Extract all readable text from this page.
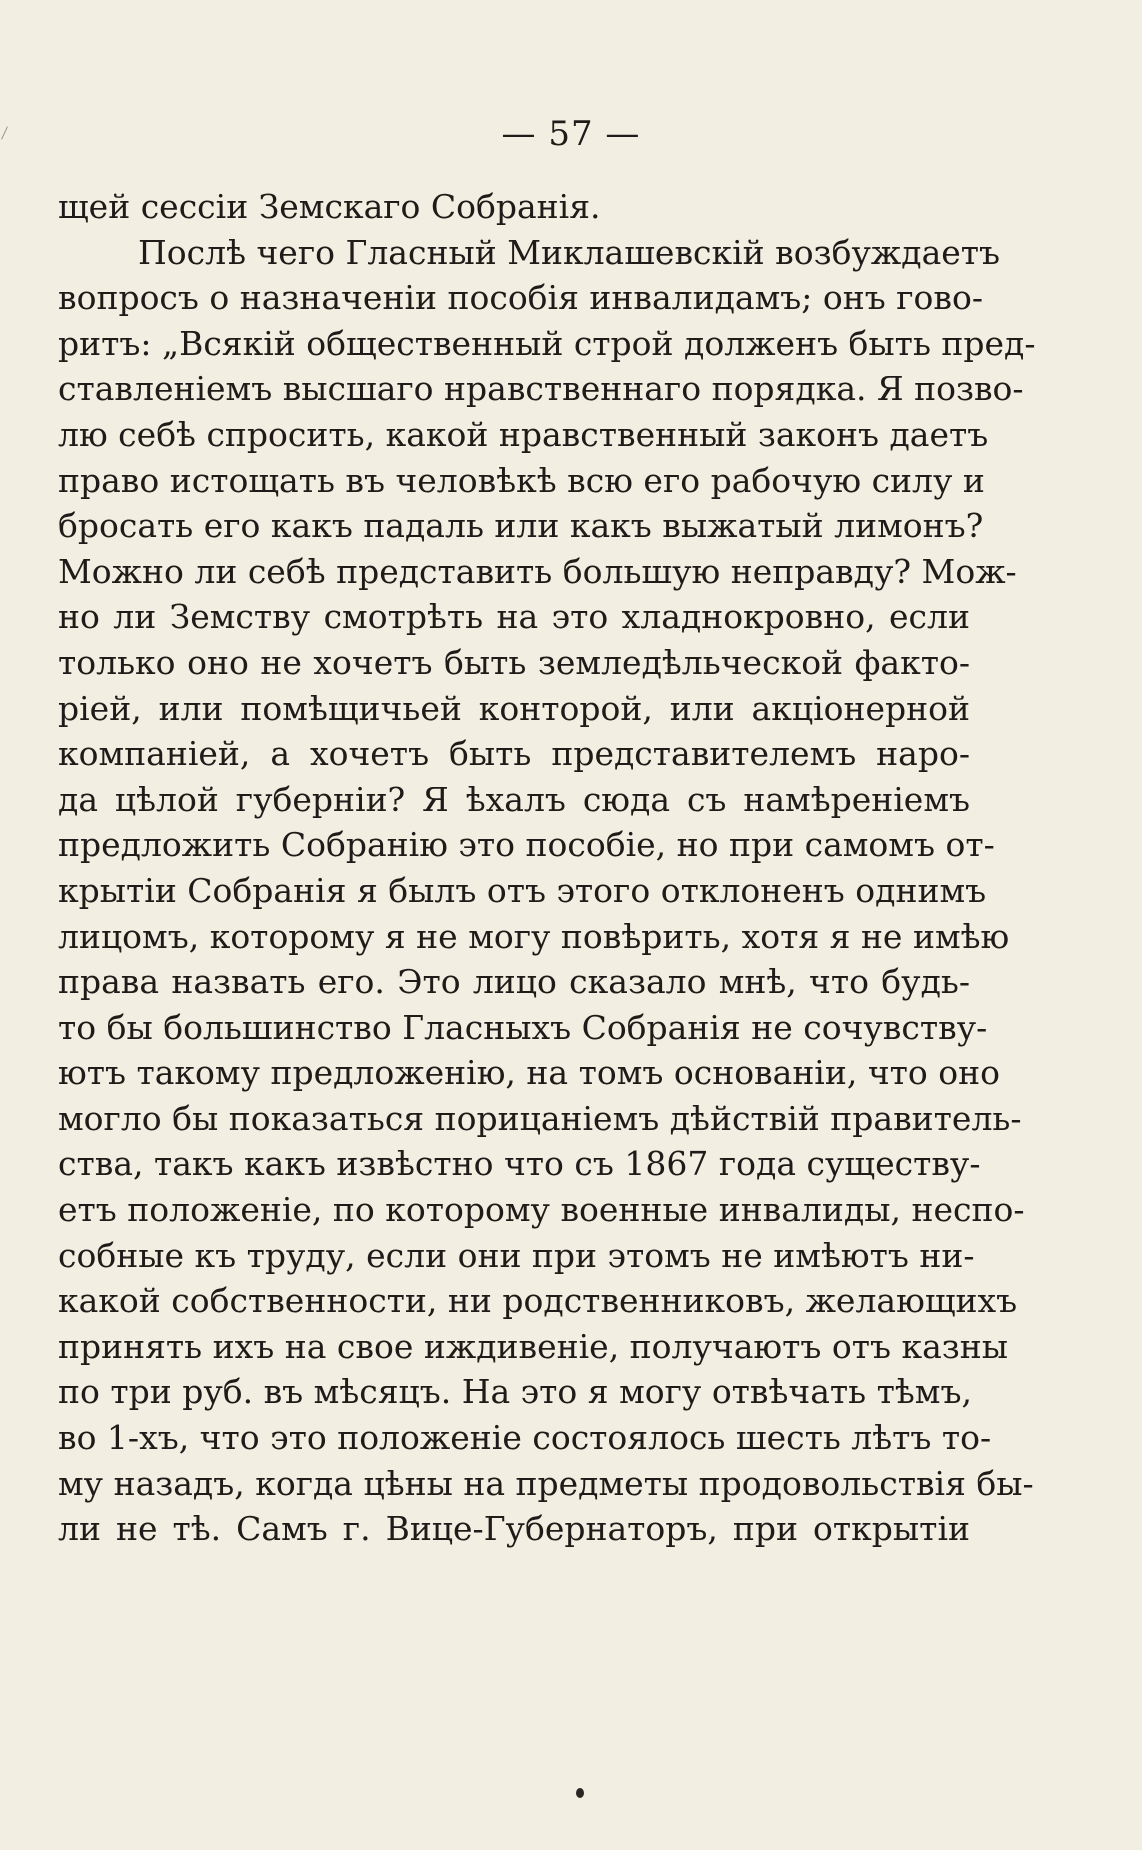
— 57 —
щей сессіи Земскаго Собранія.
Послѣ чего Гласный Миклашевскій возбуждаетъ
вопросъ о назначеніи пособія инвалидамъ; онъ гово-
ритъ: „Всякій общественный строй долженъ быть пред-
ставленіемъ высшаго нравственнаго порядка. Я позво-
лю себѣ спросить, какой нравственный законъ даетъ
право истощать въ человѣкѣ всю его рабочую силу и
бросать его какъ падаль или какъ выжатый лимонъ?
Можно ли себѣ представить большую неправду? Мож-
но ли Земству смотрѣть на это хладнокровно, если
только оно не хочетъ быть земледѣльческой факто-
ріей, или помѣщичьей конторой, или акціонерной
компаніей, а хочетъ быть представителемъ наро-
да цѣлой губерніи? Я ѣхалъ сюда съ намѣреніемъ
предложить Собранію это пособіе, но при самомъ от-
крытіи Собранія я былъ отъ этого отклоненъ однимъ
лицомъ, которому я не могу повѣрить, хотя я не имѣю
права назвать его. Это лицо сказало мнѣ, что будь-
то бы большинство Гласныхъ Собранія не сочувству-
ютъ такому предложенію, на томъ основаніи, что оно
могло бы показаться порицаніемъ дѣйствій правитель-
ства, такъ какъ извѣстно что съ 1867 года существу-
етъ положеніе, по которому военные инвалиды, неспо-
собные къ труду, если они при этомъ не имѣютъ ни-
какой собственности, ни родственниковъ, желающихъ
принять ихъ на свое иждивеніе, получаютъ отъ казны
по три руб. въ мѣсяцъ. На это я могу отвѣчать тѣмъ,
во 1-хъ, что это положеніе состоялось шесть лѣтъ то-
му назадъ, когда цѣны на предметы продовольствія бы-
ли не тѣ. Самъ г. Вице-Губернаторъ, при открытіи
